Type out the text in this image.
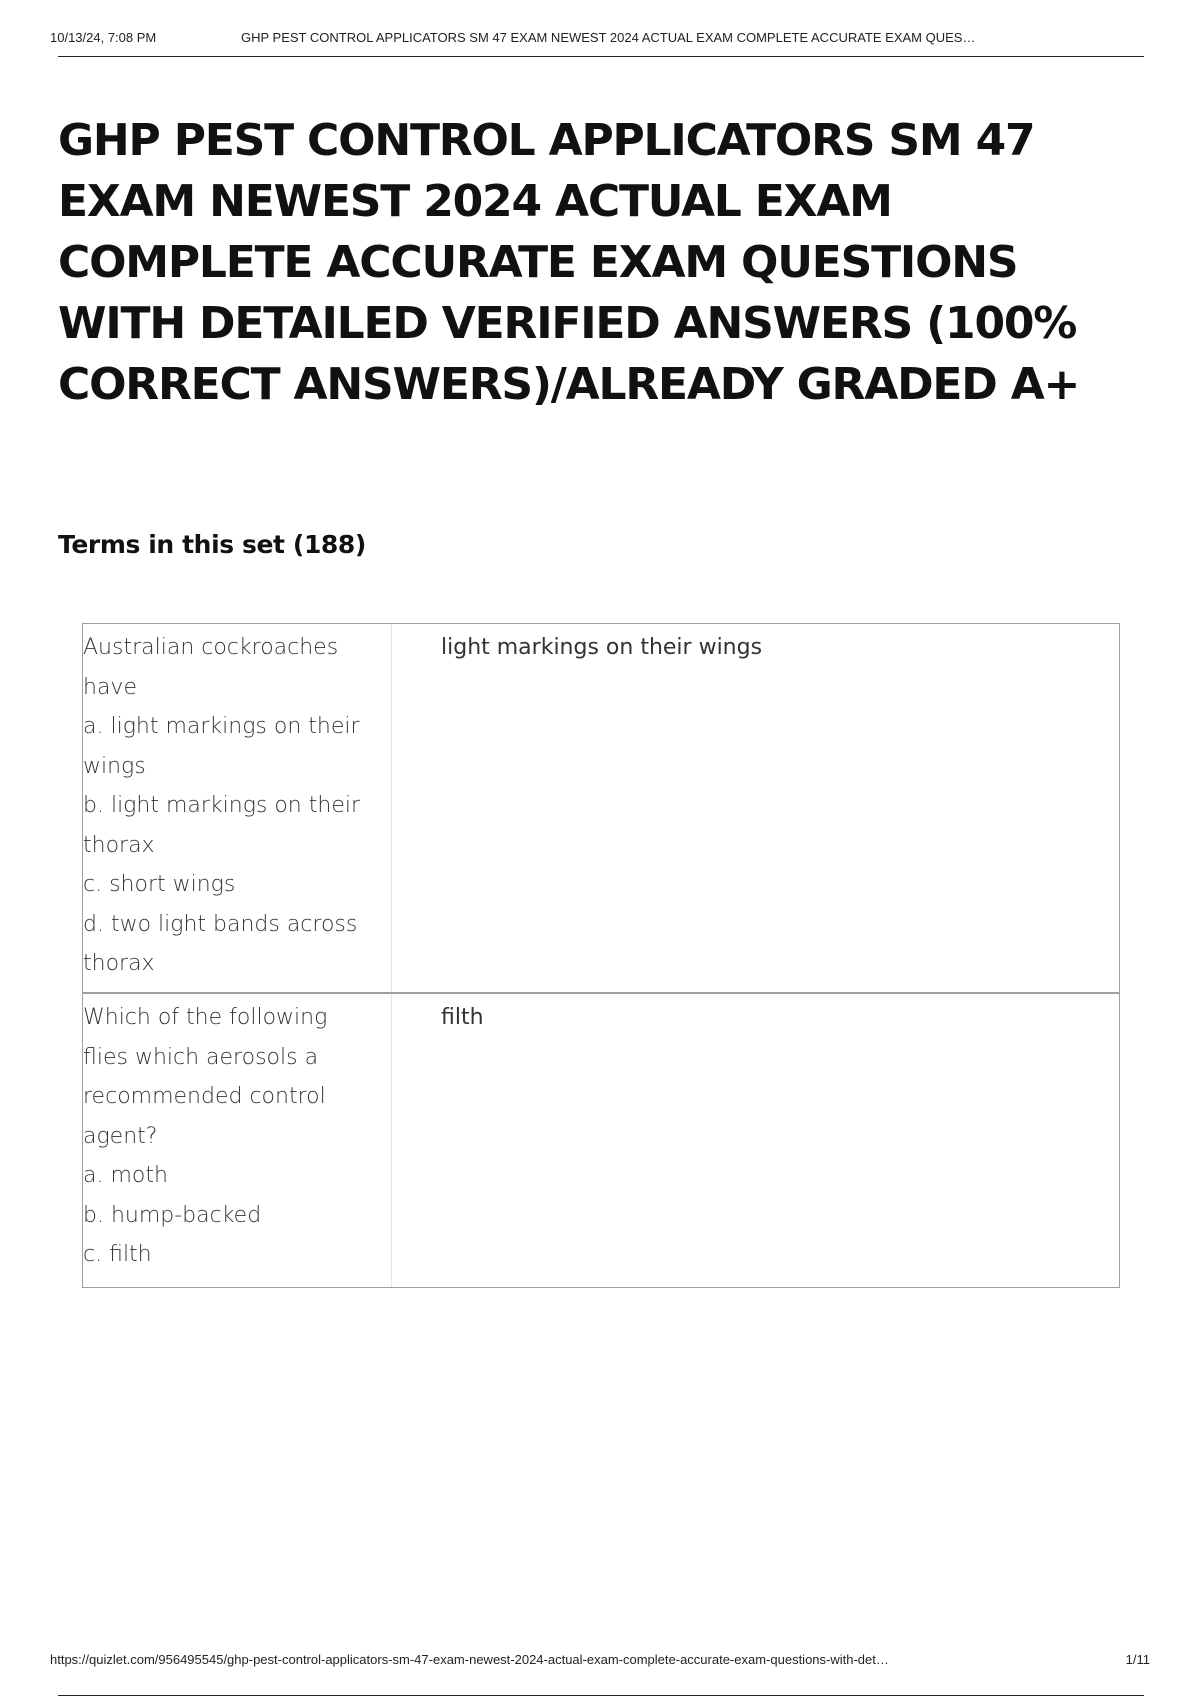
10/13/24, 7:08 PM	GHP PEST CONTROL APPLICATORS SM 47 EXAM NEWEST 2024 ACTUAL EXAM COMPLETE ACCURATE EXAM QUES…
GHP PEST CONTROL APPLICATORS SM 47 EXAM NEWEST 2024 ACTUAL EXAM COMPLETE ACCURATE EXAM QUESTIONS WITH DETAILED VERIFIED ANSWERS (100% CORRECT ANSWERS)/ALREADY GRADED A+
Terms in this set (188)
Australian cockroaches
have
a. light markings on their
wings
b. light markings on their
thorax
c. short wings
d. two light bands across
thorax
light markings on their wings
Which of the following
flies which aerosols a
recommended control
agent?
a. moth
b. hump-backed
c. filth
filth
https://quizlet.com/956495545/ghp-pest-control-applicators-sm-47-exam-newest-2024-actual-exam-complete-accurate-exam-questions-with-det…	1/11
